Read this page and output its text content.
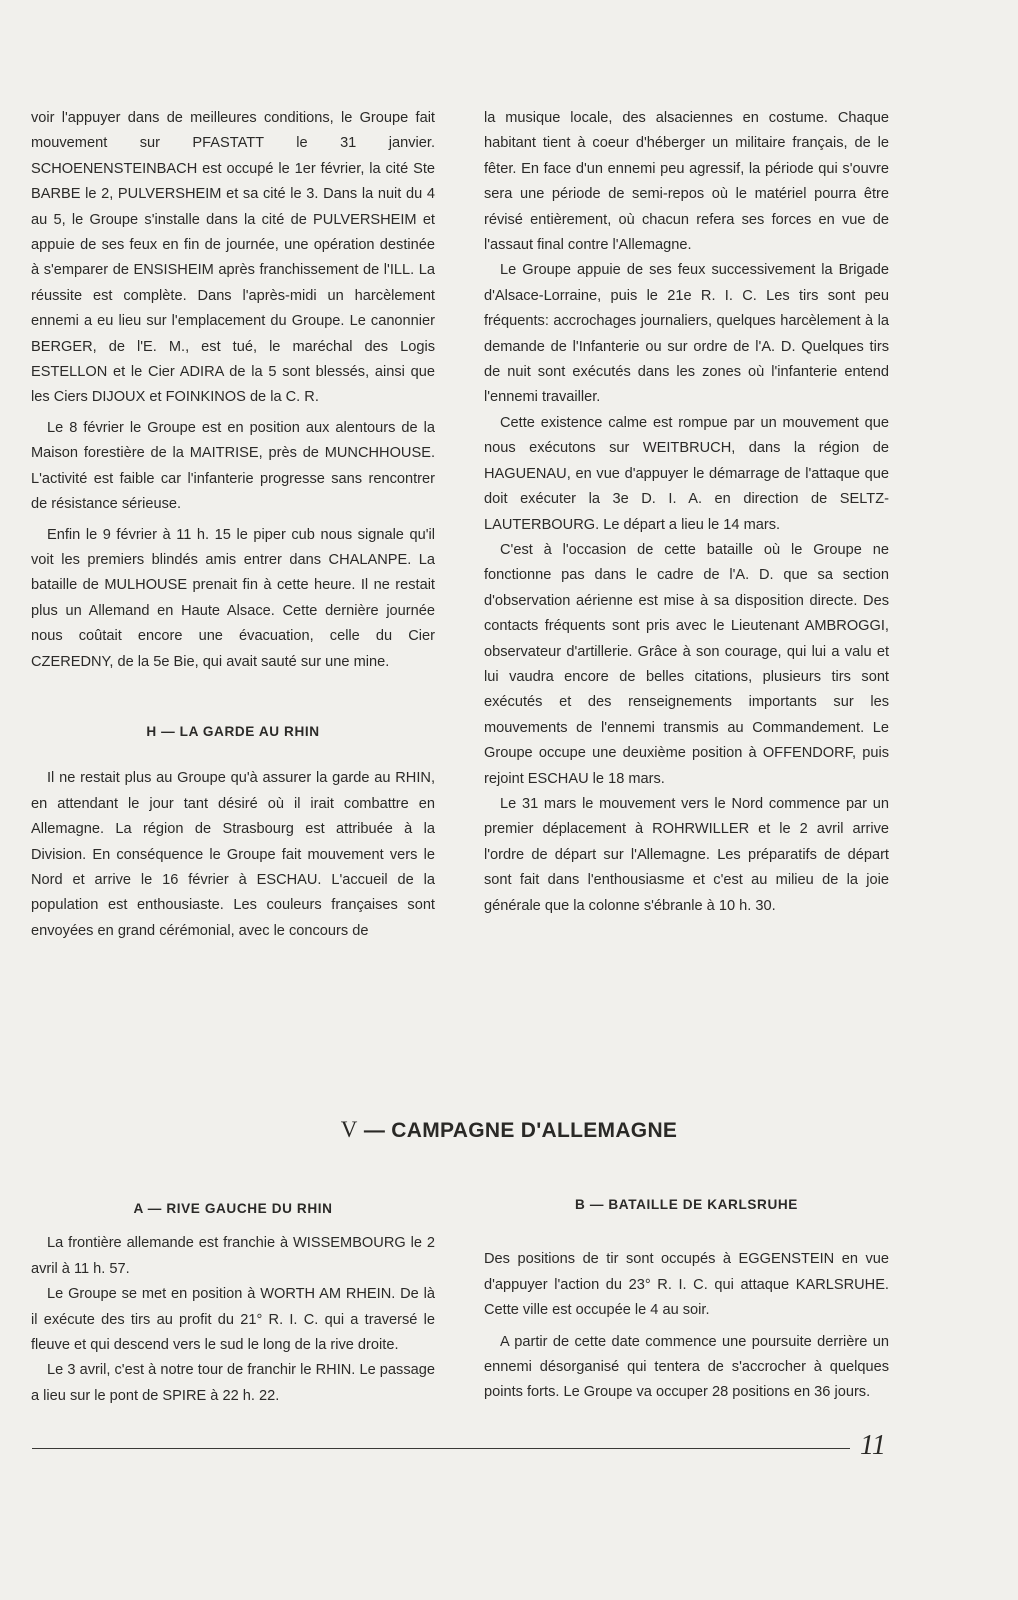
voir l'appuyer dans de meilleures conditions, le Groupe fait mouvement sur PFASTATT le 31 janvier. SCHOENENSTEINBACH est occupé le 1er février, la cité Ste BARBE le 2, PULVERSHEIM et sa cité le 3. Dans la nuit du 4 au 5, le Groupe s'installe dans la cité de PULVERSHEIM et appuie de ses feux en fin de journée, une opération destinée à s'emparer de ENSISHEIM après franchissement de l'ILL. La réussite est complète. Dans l'après-midi un harcèlement ennemi a eu lieu sur l'emplacement du Groupe. Le canonnier BERGER, de l'E. M., est tué, le maréchal des Logis ESTELLON et le Cier ADIRA de la 5 sont blessés, ainsi que les Ciers DIJOUX et FOINKINOS de la C. R.

Le 8 février le Groupe est en position aux alentours de la Maison forestière de la MAITRISE, près de MUNCHHOUSE. L'activité est faible car l'infanterie progresse sans rencontrer de résistance sérieuse.

Enfin le 9 février à 11 h. 15 le piper cub nous signale qu'il voit les premiers blindés amis entrer dans CHALANPE. La bataille de MULHOUSE prenait fin à cette heure. Il ne restait plus un Allemand en Haute Alsace. Cette dernière journée nous coûtait encore une évacuation, celle du Cier CZEREDNY, de la 5e Bie, qui avait sauté sur une mine.

H — LA GARDE AU RHIN

Il ne restait plus au Groupe qu'à assurer la garde au RHIN, en attendant le jour tant désiré où il irait combattre en Allemagne. La région de Strasbourg est attribuée à la Division. En conséquence le Groupe fait mouvement vers le Nord et arrive le 16 février à ESCHAU. L'accueil de la population est enthousiaste. Les couleurs françaises sont envoyées en grand cérémonial, avec le concours de

la musique locale, des alsaciennes en costume. Chaque habitant tient à coeur d'héberger un militaire français, de le fêter. En face d'un ennemi peu agressif, la période qui s'ouvre sera une période de semi-repos où le matériel pourra être révisé entièrement, où chacun refera ses forces en vue de l'assaut final contre l'Allemagne.

Le Groupe appuie de ses feux successivement la Brigade d'Alsace-Lorraine, puis le 21e R. I. C. Les tirs sont peu fréquents: accrochages journaliers, quelques harcèlement à la demande de l'Infanterie ou sur ordre de l'A. D. Quelques tirs de nuit sont exécutés dans les zones où l'infanterie entend l'ennemi travailler.

Cette existence calme est rompue par un mouvement que nous exécutons sur WEITBRUCH, dans la région de HAGUENAU, en vue d'appuyer le démarrage de l'attaque que doit exécuter la 3e D. I. A. en direction de SELTZ-LAUTERBOURG. Le départ a lieu le 14 mars.

C'est à l'occasion de cette bataille où le Groupe ne fonctionne pas dans le cadre de l'A. D. que sa section d'observation aérienne est mise à sa disposition directe. Des contacts fréquents sont pris avec le Lieutenant AMBROGGI, observateur d'artillerie. Grâce à son courage, qui lui a valu et lui vaudra encore de belles citations, plusieurs tirs sont exécutés et des renseignements importants sur les mouvements de l'ennemi transmis au Commandement. Le Groupe occupe une deuxième position à OFFENDORF, puis rejoint ESCHAU le 18 mars.

Le 31 mars le mouvement vers le Nord commence par un premier déplacement à ROHRWILLER et le 2 avril arrive l'ordre de départ sur l'Allemagne. Les préparatifs de départ sont fait dans l'enthousiasme et c'est au milieu de la joie générale que la colonne s'ébranle à 10 h. 30.

V — CAMPAGNE D'ALLEMAGNE

A — RIVE GAUCHE DU RHIN

La frontière allemande est franchie à WISSEMBOURG le 2 avril à 11 h. 57.

Le Groupe se met en position à WORTH AM RHEIN. De là il exécute des tirs au profit du 21° R. I. C. qui a traversé le fleuve et qui descend vers le sud le long de la rive droite.

Le 3 avril, c'est à notre tour de franchir le RHIN. Le passage a lieu sur le pont de SPIRE à 22 h. 22.

B — BATAILLE DE KARLSRUHE

Des positions de tir sont occupés à EGGENSTEIN en vue d'appuyer l'action du 23° R. I. C. qui attaque KARLSRUHE. Cette ville est occupée le 4 au soir.

A partir de cette date commence une poursuite derrière un ennemi désorganisé qui tentera de s'accrocher à quelques points forts. Le Groupe va occuper 28 positions en 36 jours.

11
